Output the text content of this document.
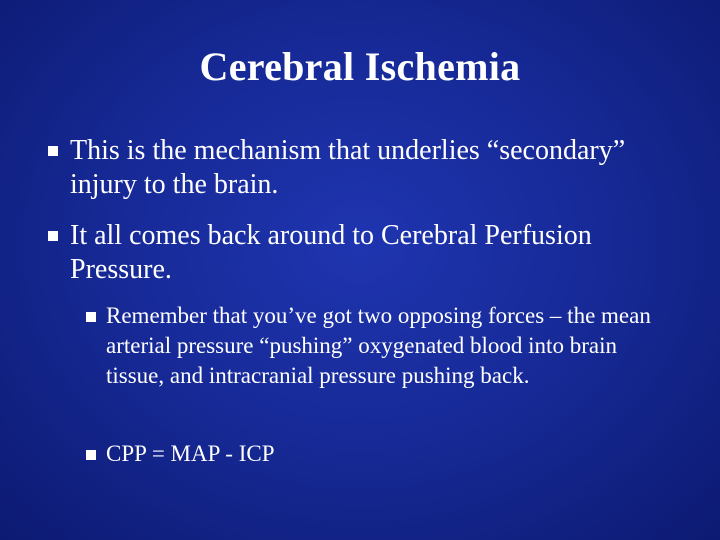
Cerebral Ischemia
This is the mechanism that underlies “secondary” injury to the brain.
It all comes back around to Cerebral Perfusion Pressure.
Remember that you’ve got two opposing forces – the mean arterial pressure “pushing” oxygenated blood into brain tissue, and intracranial pressure pushing back.
CPP = MAP - ICP
